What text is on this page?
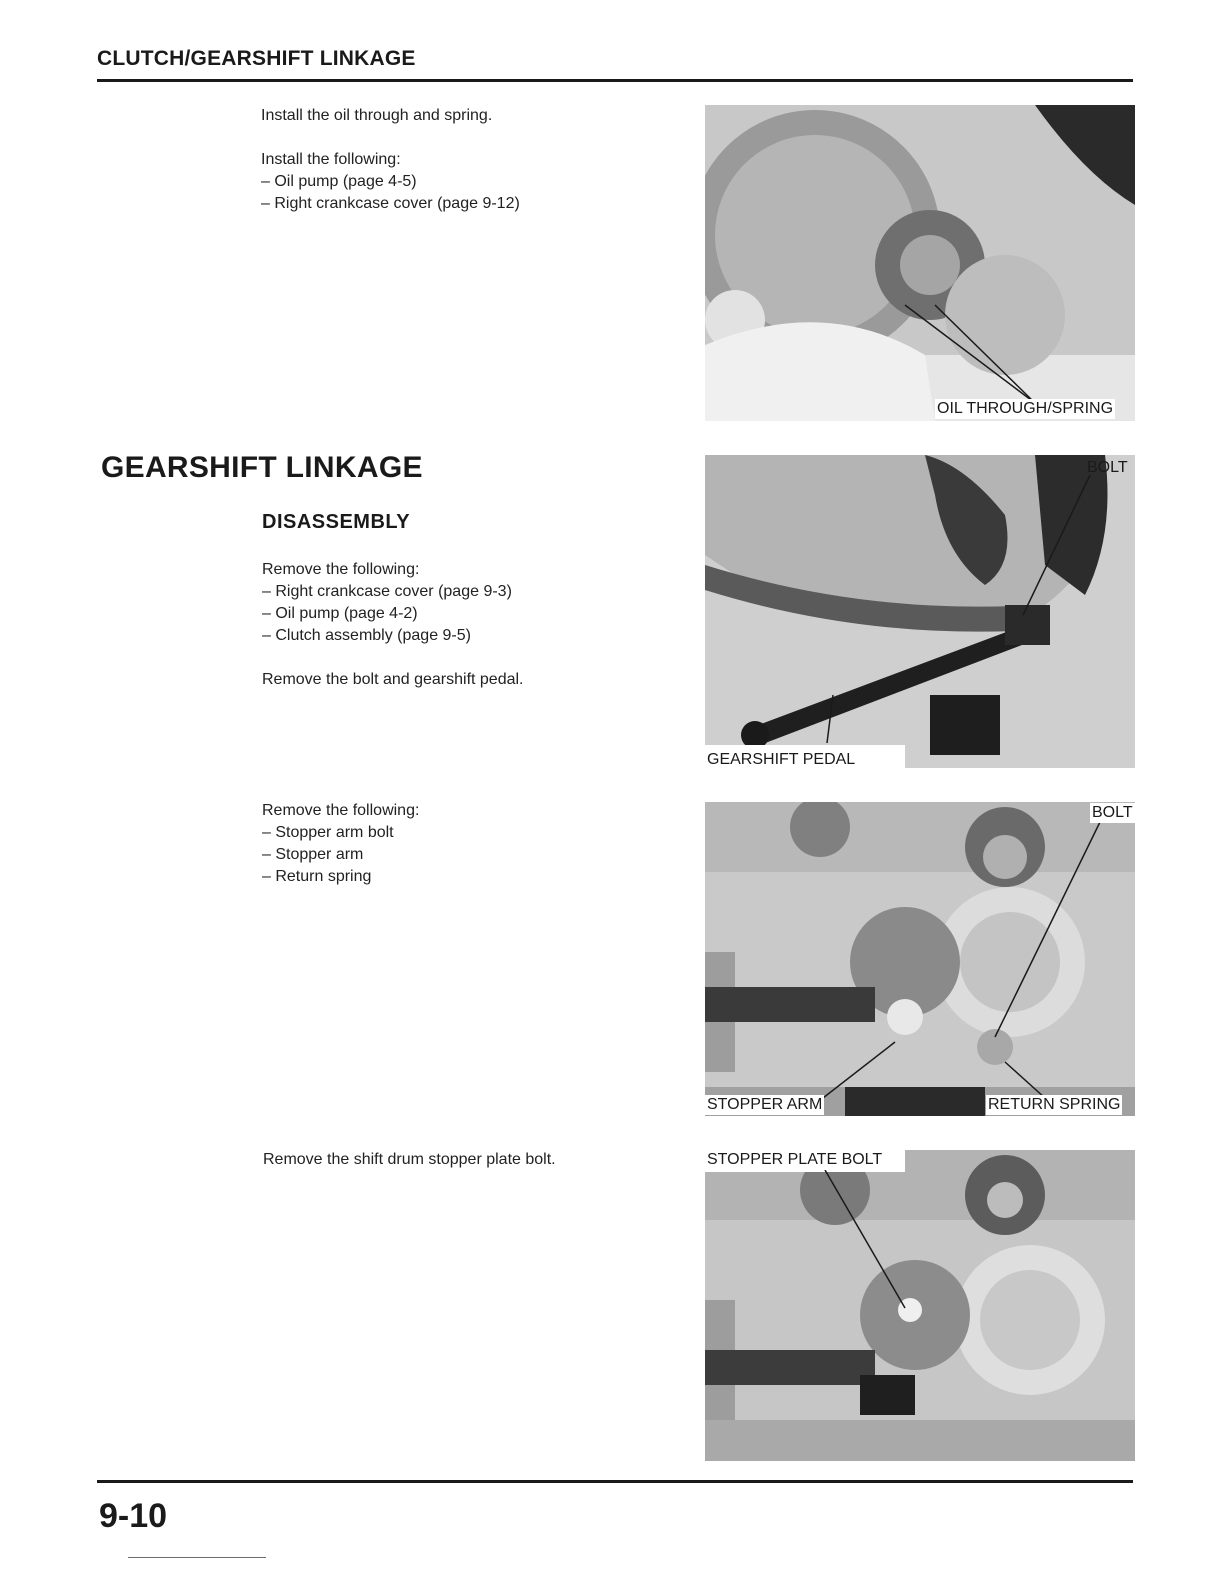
CLUTCH/GEARSHIFT LINKAGE
Install the oil through and spring.
Install the following:
– Oil pump (page 4-5)
– Right crankcase cover (page 9-12)
GEARSHIFT LINKAGE
DISASSEMBLY
Remove the following:
– Right crankcase cover (page 9-3)
– Oil pump (page 4-2)
– Clutch assembly (page 9-5)
Remove the bolt and gearshift pedal.
Remove the following:
– Stopper arm bolt
– Stopper arm
– Return spring
Remove the shift drum stopper plate bolt.
OIL THROUGH/SPRING
BOLT
GEARSHIFT PEDAL
BOLT
STOPPER ARM	RETURN SPRING
STOPPER PLATE BOLT
9-10
